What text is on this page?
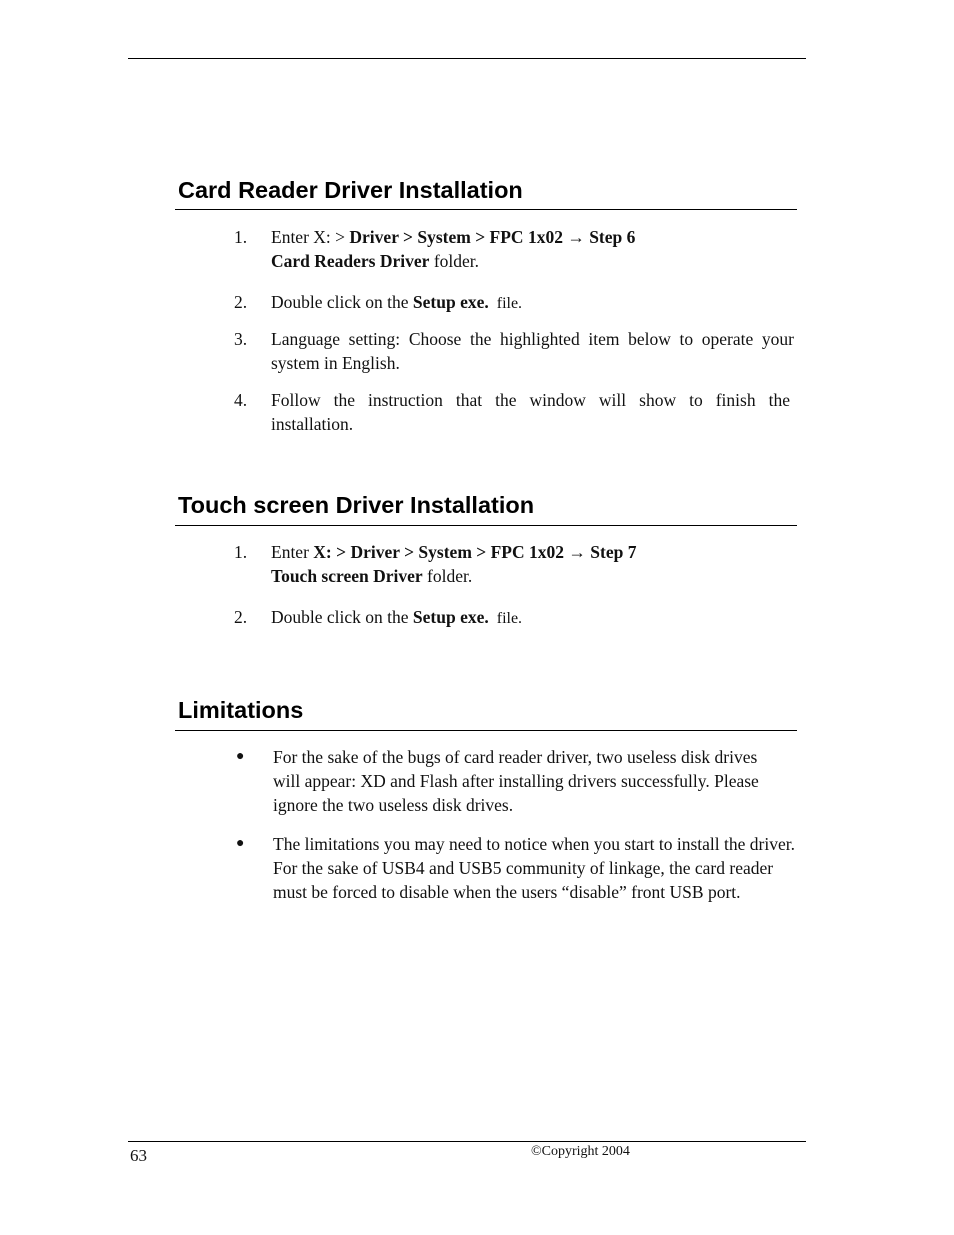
Card Reader Driver Installation
1. Enter X: > Driver > System > FPC 1x02 → Step 6
Card Readers Driver folder.
2. Double click on the Setup exe.  file.
3. Language setting: Choose the highlighted item below to operate your system in English.
4. Follow the instruction that the window will show to finish the installation.
Touch screen Driver Installation
1. Enter X: > Driver > System > FPC 1x02 → Step 7
Touch screen Driver folder.
2. Double click on the Setup exe.  file.
Limitations
● For the sake of the bugs of card reader driver, two useless disk drives will appear: XD and Flash after installing drivers successfully. Please ignore the two useless disk drives.
● The limitations you may need to notice when you start to install the driver. For the sake of USB4 and USB5 community of linkage, the card reader must be forced to disable when the users “disable” front USB port.
63	©Copyright 2004
